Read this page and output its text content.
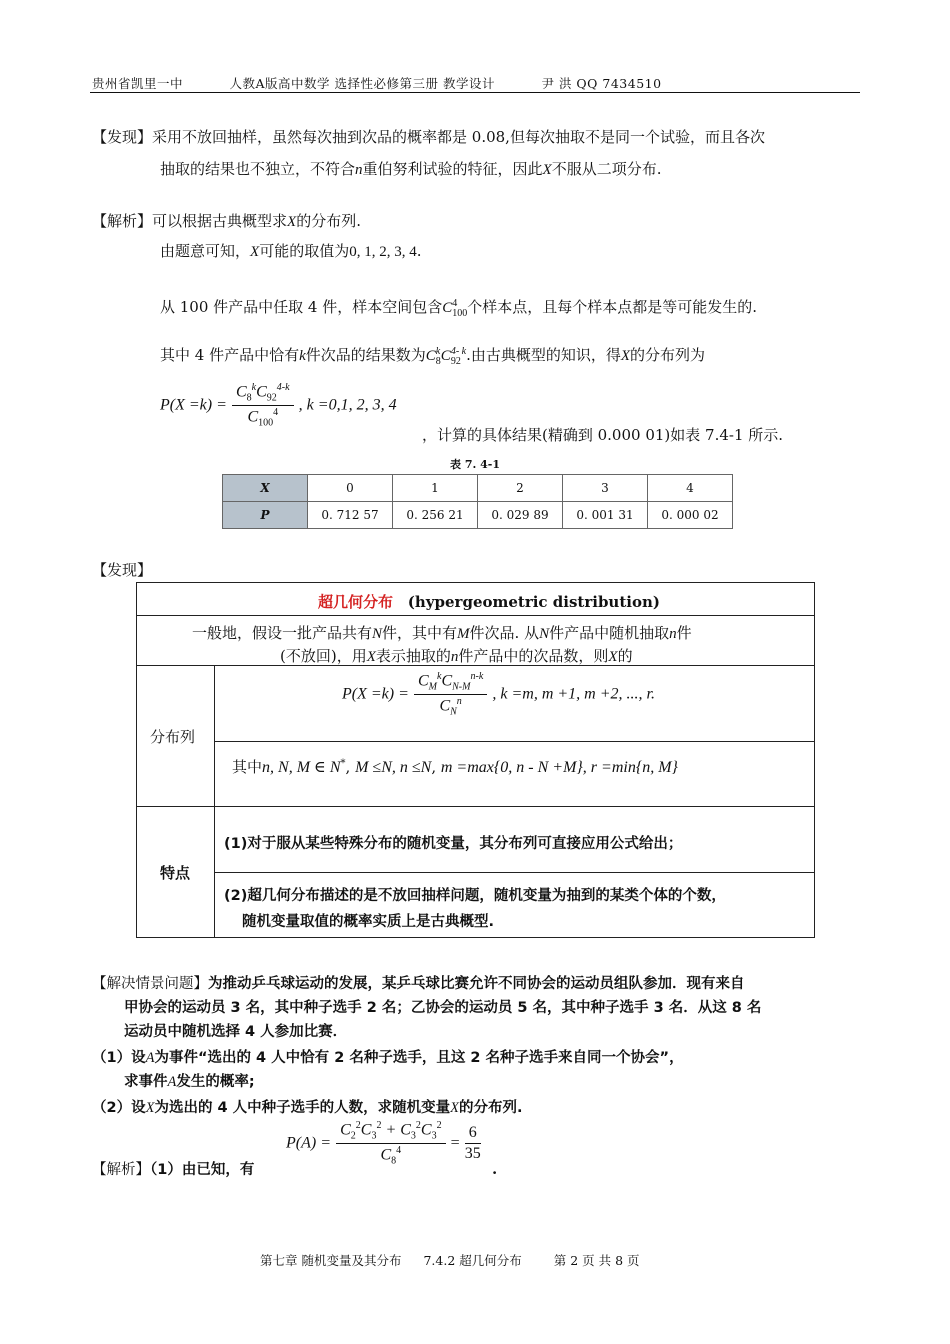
贵州省凯里一中	人教A版高中数学 选择性必修第三册 教学设计	尹 洪 QQ 7434510
【发现】采用不放回抽样，虽然每次抽到次品的概率都是 0.08,但每次抽取不是同一个试验，而且各次
抽取的结果也不独立，不符合n重伯努利试验的特征，因此X不服从二项分布.
【解析】可以根据古典概型求X的分布列.
由题意可知，X可能的取值为0, 1, 2, 3, 4.
从 100 件产品中任取 4 件，样本空间包含C 4
100 个样本点，且每个样本点都是等可能发生的.
其中 4 件产品中恰有k件次品的结果数为C k
8 C 4- k
92 .由古典概型的知识，得X的分布列为
$P(X =k) = \frac{C_8^kC_{92}^{4-k}}{C_{100}^4}$ , k =0,1, 2, 3, 4
，计算的具体结果(精确到 0.000 01)如表 7.4-1 所示.
表 7. 4-1
X	0	1	2	3	4
P	0. 712 57	0. 256 21	0. 029 89	0. 001 31	0. 000 02
【发现】
超几何分布 (hypergeometric distribution)
一般地，假设一批产品共有N件，其中有M件次品. 从N件产品中随机抽取n件
(不放回)，用X表示抽取的n件产品中的次品数，则X的
分布列
$P(X =k) = \frac{C_M^kC_{N-M}^{n-k}}{C_N^n}$ , k =m, m +1, m +2, ..., r.
其中n, N, M ∈ N*, M ≤N, n ≤N, m =max{0, n - N +M}, r =min{n, M}
特点
(1)对于服从某些特殊分布的随机变量，其分布列可直接应用公式给出；
(2)超几何分布描述的是不放回抽样问题，随机变量为抽到的某类个体的个数，
随机变量取值的概率实质上是古典概型.
【解决情景问题】为推动乒乓球运动的发展，某乒乓球比赛允许不同协会的运动员组队参加．现有来自
甲协会的运动员 3 名，其中种子选手 2 名；乙协会的运动员 5 名，其中种子选手 3 名．从这 8 名
运动员中随机选择 4 人参加比赛．
（1）设A为事件“选出的 4 人中恰有 2 名种子选手，且这 2 名种子选手来自同一个协会”，
求事件A发生的概率;
（2）设X为选出的 4 人中种子选手的人数，求随机变量X的分布列.
$P(A) = \frac{C_2^2C_3^2 + C_3^2C_3^2}{C_8^4} = \frac{6}{35}$
【解析】（1）由已知，有	.
第七章 随机变量及其分布 7.4.2 超几何分布	第 2 页 共 8 页
